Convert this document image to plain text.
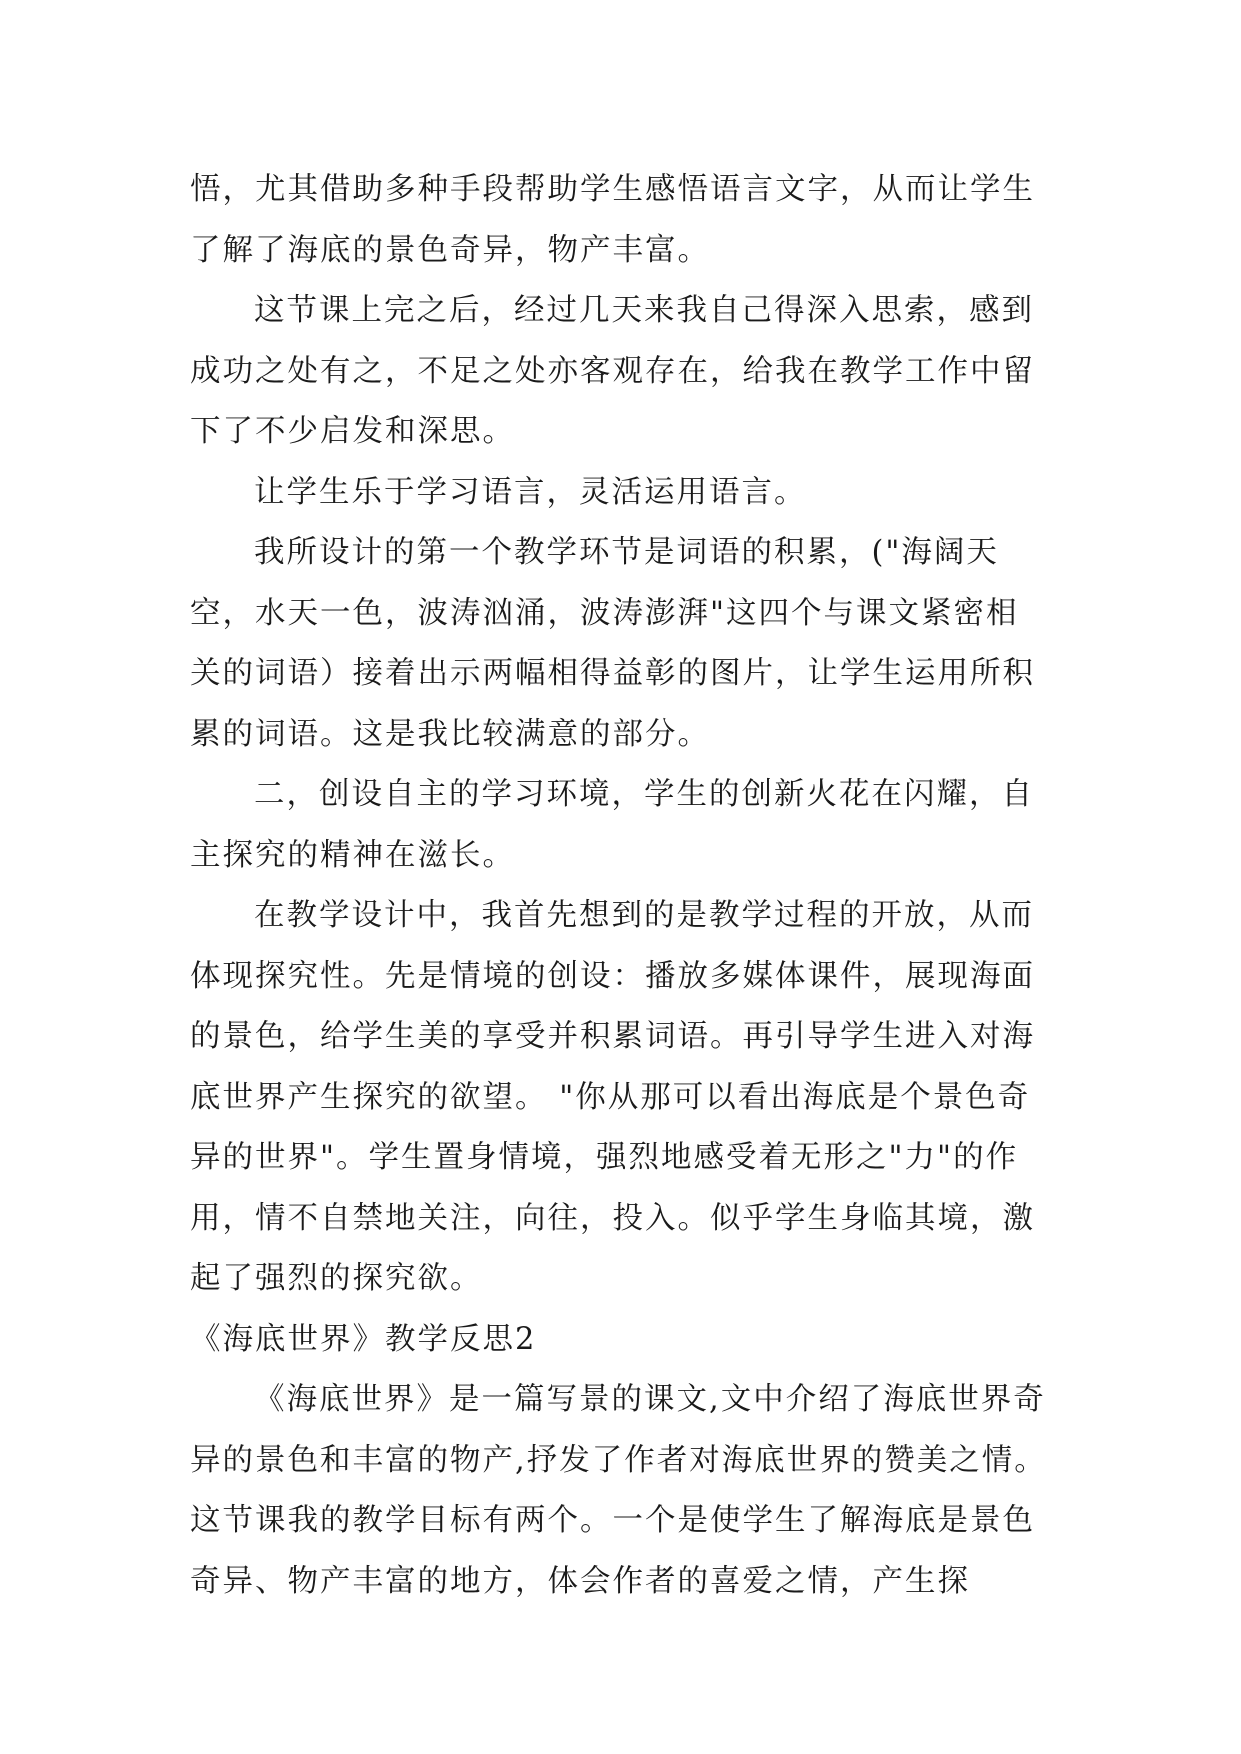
悟，尤其借助多种手段帮助学生感悟语言文字，从而让学生了解了海底的景色奇异，物产丰富。

这节课上完之后，经过几天来我自己得深入思索，感到成功之处有之，不足之处亦客观存在，给我在教学工作中留下了不少启发和深思。

让学生乐于学习语言，灵活运用语言。

我所设计的第一个教学环节是词语的积累，("海阔天空，水天一色，波涛汹涌，波涛澎湃"这四个与课文紧密相关的词语）接着出示两幅相得益彰的图片，让学生运用所积累的词语。这是我比较满意的部分。

二，创设自主的学习环境，学生的创新火花在闪耀，自主探究的精神在滋长。

在教学设计中，我首先想到的是教学过程的开放，从而体现探究性。先是情境的创设：播放多媒体课件，展现海面的景色，给学生美的享受并积累词语。再引导学生进入对海底世界产生探究的欲望。 "你从那可以看出海底是个景色奇异的世界"。学生置身情境，强烈地感受着无形之"力"的作用，情不自禁地关注，向往，投入。似乎学生身临其境，激起了强烈的探究欲。

《海底世界》教学反思2

《海底世界》是一篇写景的课文,文中介绍了海底世界奇异的景色和丰富的物产,抒发了作者对海底世界的赞美之情。这节课我的教学目标有两个。一个是使学生了解海底是景色奇异、物产丰富的地方，体会作者的喜爱之情，产生探
